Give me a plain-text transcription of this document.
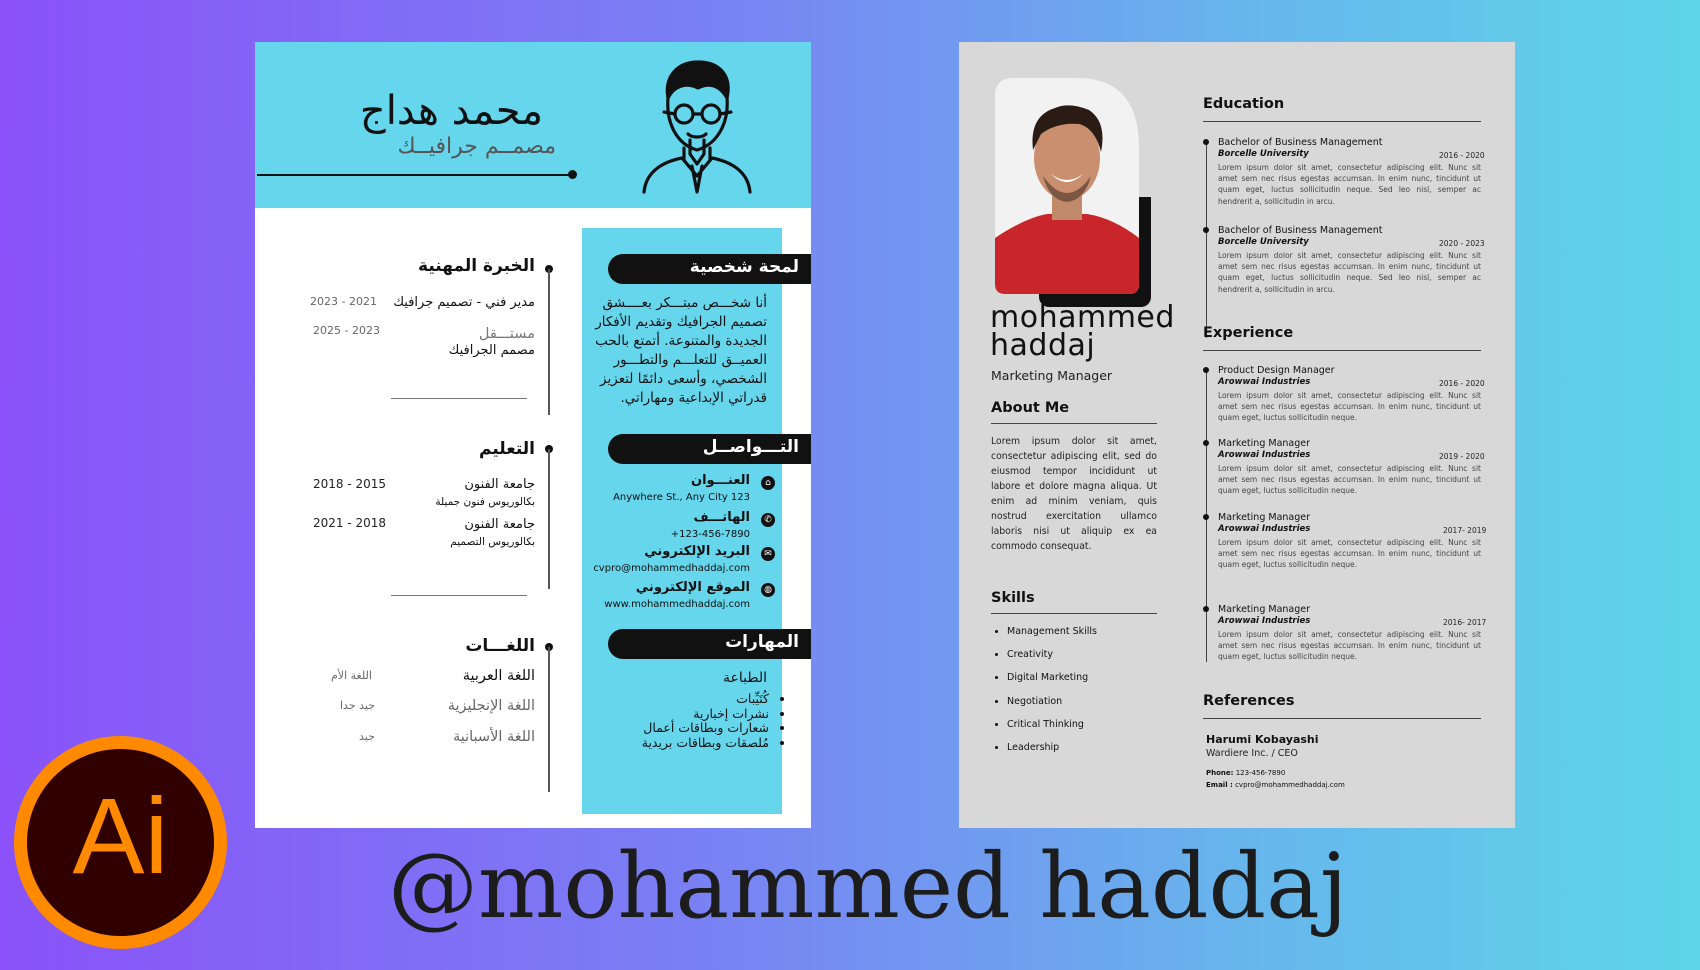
محمد هداج
مصمــم جرافيــك
لمحة شخصية
أنا شخـــص مبتـــكر بعــــشق تصميم الجرافيك وتقديم الأفكار الجديدة والمتنوعة. أتمتع بالحب العميــق للتعلـــم والتطـــور الشخصي، وأسعى دائمًا لتعزيز قدراتي الإبداعية ومهاراتي.
التـــواصــل
العنـــوان
Anywhere St., Any City 123
⌂
الهاتـــف
+123-456-7890
✆
البريد الإلكتروني
cvpro@mohammedhaddaj.com
✉
الموقع الإلكتروني
www.mohammedhaddaj.com
◍
المهارات
الطباعة
• كُتَيِّبات
• نشرات إخبارية
• شعارات وبطاقات أعمال
• مُلصقات وبطاقات بريدية
الخبرة المهنية
مدير فني - تصميم جرافيك
2023 - 2021
مستـــقل
مصمم الجرافيك
2025 - 2023
التعليم
جامعة الفنون
بكالوريوس فنون جميلة
2018 - 2015
جامعة الفنون
بكالوريوس التصميم
2021 - 2018
اللغـــات
اللغة العربية
اللغة الأم
اللغة الإنجليزية
جيد جدا
اللغة الأسبانية
جيد
mohammed
haddaj
Marketing Manager
About Me
Lorem ipsum dolor sit amet, consectetur adipiscing elit, sed do eiusmod tempor incididunt ut labore et dolore magna aliqua. Ut enim ad minim veniam, quis nostrud exercitation ullamco laboris nisi ut aliquip ex ea commodo consequat.
Skills
• Management Skills
• Creativity
• Digital Marketing
• Negotiation
• Critical Thinking
• Leadership
Education
Bachelor of Business Management
Borcelle University	2016 - 2020
Lorem ipsum dolor sit amet, consectetur adipiscing elit. Nunc sit amet sem nec risus egestas accumsan. In enim nunc, tincidunt ut quam eget, luctus sollicitudin neque. Sed leo nisl, semper ac hendrerit a, sollicitudin in arcu.
Bachelor of Business Management
Borcelle University	2020 - 2023
Lorem ipsum dolor sit amet, consectetur adipiscing elit. Nunc sit amet sem nec risus egestas accumsan. In enim nunc, tincidunt ut quam eget, luctus sollicitudin neque. Sed leo nisl, semper ac hendrerit a, sollicitudin in arcu.
Experience
Product Design Manager
Arowwai Industries	2016 - 2020
Lorem ipsum dolor sit amet, consectetur adipiscing elit. Nunc sit amet sem nec risus egestas accumsan. In enim nunc, tincidunt ut quam eget, luctus sollicitudin neque.
Marketing Manager
Arowwai Industries	2019 - 2020
Lorem ipsum dolor sit amet, consectetur adipiscing elit. Nunc sit amet sem nec risus egestas accumsan. In enim nunc, tincidunt ut quam eget, luctus sollicitudin neque.
Marketing Manager
Arowwai Industries	2017- 2019
Lorem ipsum dolor sit amet, consectetur adipiscing elit. Nunc sit amet sem nec risus egestas accumsan. In enim nunc, tincidunt ut quam eget, luctus sollicitudin neque.
Marketing Manager
Arowwai Industries	2016- 2017
Lorem ipsum dolor sit amet, consectetur adipiscing elit. Nunc sit amet sem nec risus egestas accumsan. In enim nunc, tincidunt ut quam eget, luctus sollicitudin neque.
References
Harumi Kobayashi
Wardiere Inc. / CEO
Phone: 123-456-7890
Email : cvpro@mohammedhaddaj.com
Ai	@mohammed haddaj
